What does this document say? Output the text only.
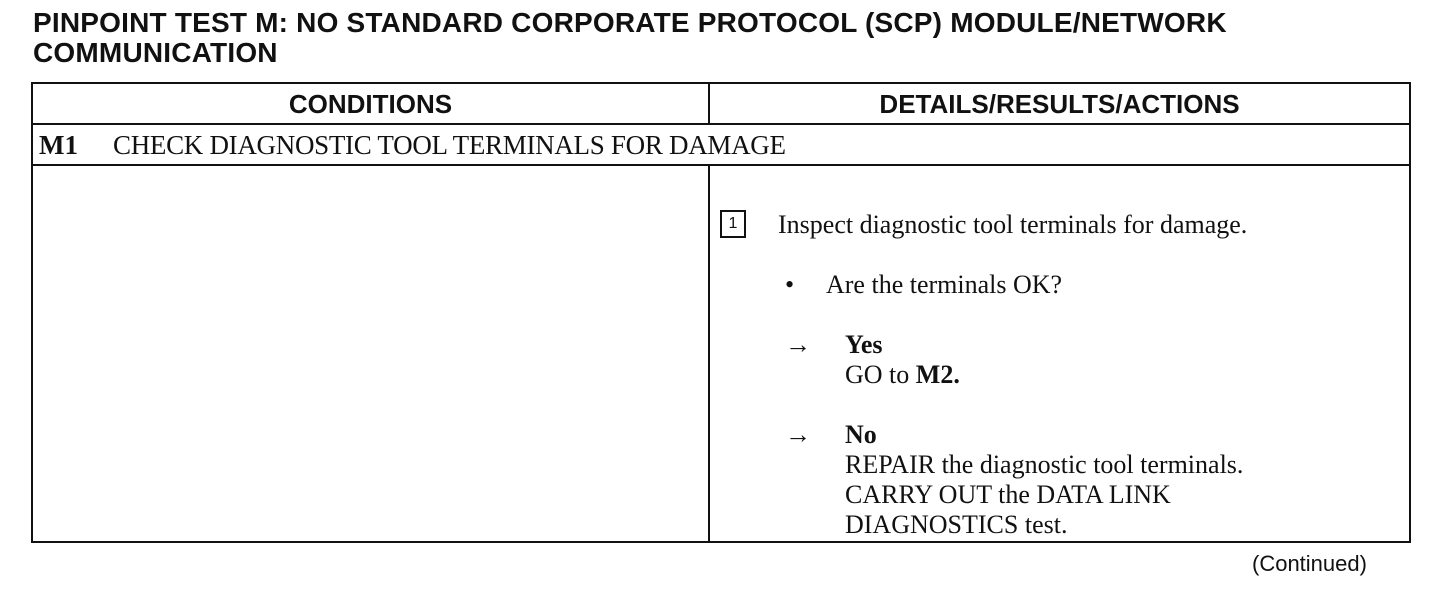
PINPOINT TEST M: NO STANDARD CORPORATE PROTOCOL (SCP) MODULE/NETWORK
COMMUNICATION
CONDITIONS	DETAILS/RESULTS/ACTIONS
M1 CHECK DIAGNOSTIC TOOL TERMINALS FOR DAMAGE
1	Inspect diagnostic tool terminals for damage.
• Are the terminals OK?
→ Yes
GO to M2.
→ No
REPAIR the diagnostic tool terminals.
CARRY OUT the DATA LINK
DIAGNOSTICS test.
(Continued)
